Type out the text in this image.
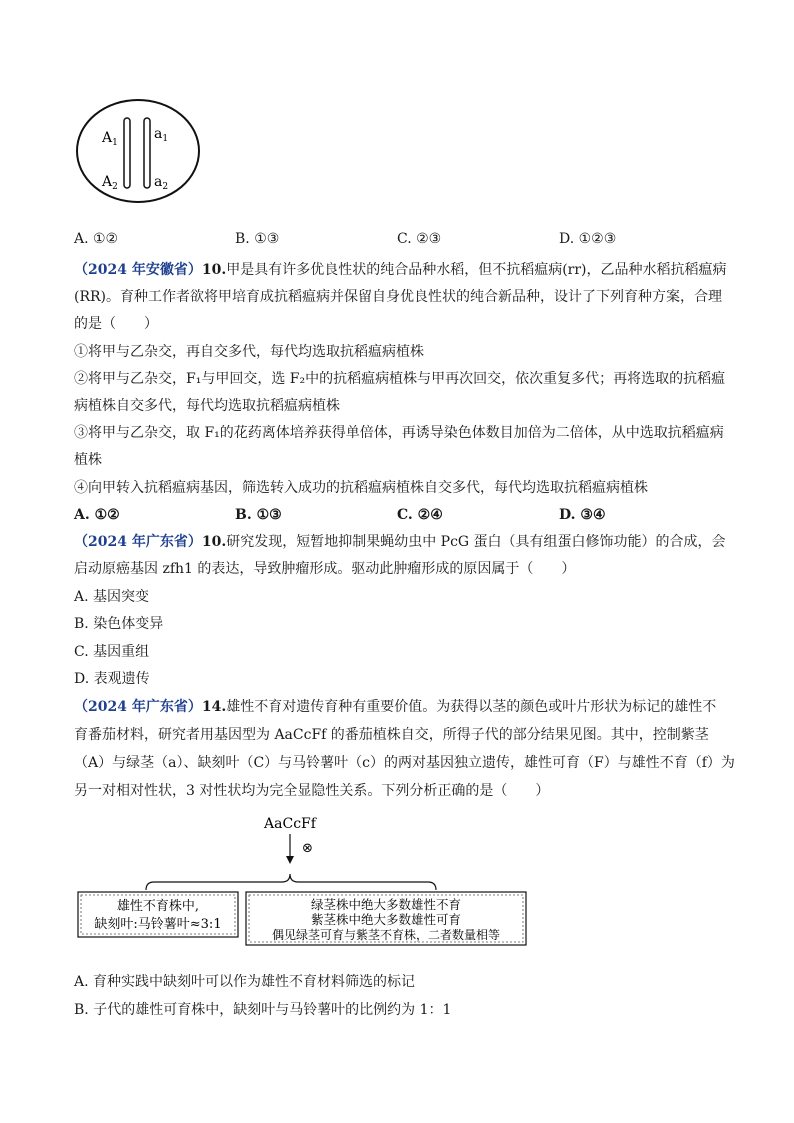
$A_1$
$A_2$
$a_1$
$a_2$
A. ①②	B. ①③	C. ②③	D. ①②③
（2024 年安徽省）10.甲是具有许多优良性状的纯合品种水稻，但不抗稻瘟病(rr)，乙品种水稻抗稻瘟病
(RR)。育种工作者欲将甲培育成抗稻瘟病并保留自身优良性状的纯合新品种，设计了下列育种方案，合理
的是（　　）
①将甲与乙杂交，再自交多代，每代均选取抗稻瘟病植株
②将甲与乙杂交，F₁与甲回交，选 F₂中的抗稻瘟病植株与甲再次回交，依次重复多代；再将选取的抗稻瘟
病植株自交多代，每代均选取抗稻瘟病植株
③将甲与乙杂交，取 F₁的花药离体培养获得单倍体，再诱导染色体数目加倍为二倍体，从中选取抗稻瘟病
植株
④向甲转入抗稻瘟病基因，筛选转入成功的抗稻瘟病植株自交多代，每代均选取抗稻瘟病植株
A. ①②	B. ①③	C. ②④	D. ③④
（2024 年广东省）10.研究发现，短暂地抑制果蝇幼虫中 PcG 蛋白（具有组蛋白修饰功能）的合成，会
启动原癌基因 zfh1 的表达，导致肿瘤形成。驱动此肿瘤形成的原因属于（　　）
A. 基因突变
B. 染色体变异
C. 基因重组
D. 表观遗传
（2024 年广东省）14.雄性不育对遗传育种有重要价值。为获得以茎的颜色或叶片形状为标记的雄性不
育番茄材料，研究者用基因型为 AaCcFf 的番茄植株自交，所得子代的部分结果见图。其中，控制紫茎
（A）与绿茎（a）、缺刻叶（C）与马铃薯叶（c）的两对基因独立遗传，雄性可育（F）与雄性不育（f）为
另一对相对性状，3 对性状均为完全显隐性关系。下列分析正确的是（　　）
AaCcFf
⊗
雄性不育株中,
缺刻叶:马铃薯叶≈3:1
绿茎株中绝大多数雄性不育
紫茎株中绝大多数雄性可育
偶见绿茎可育与紫茎不育株，二者数量相等
A. 育种实践中缺刻叶可以作为雄性不育材料筛选的标记
B. 子代的雄性可育株中，缺刻叶与马铃薯叶的比例约为 1：1
